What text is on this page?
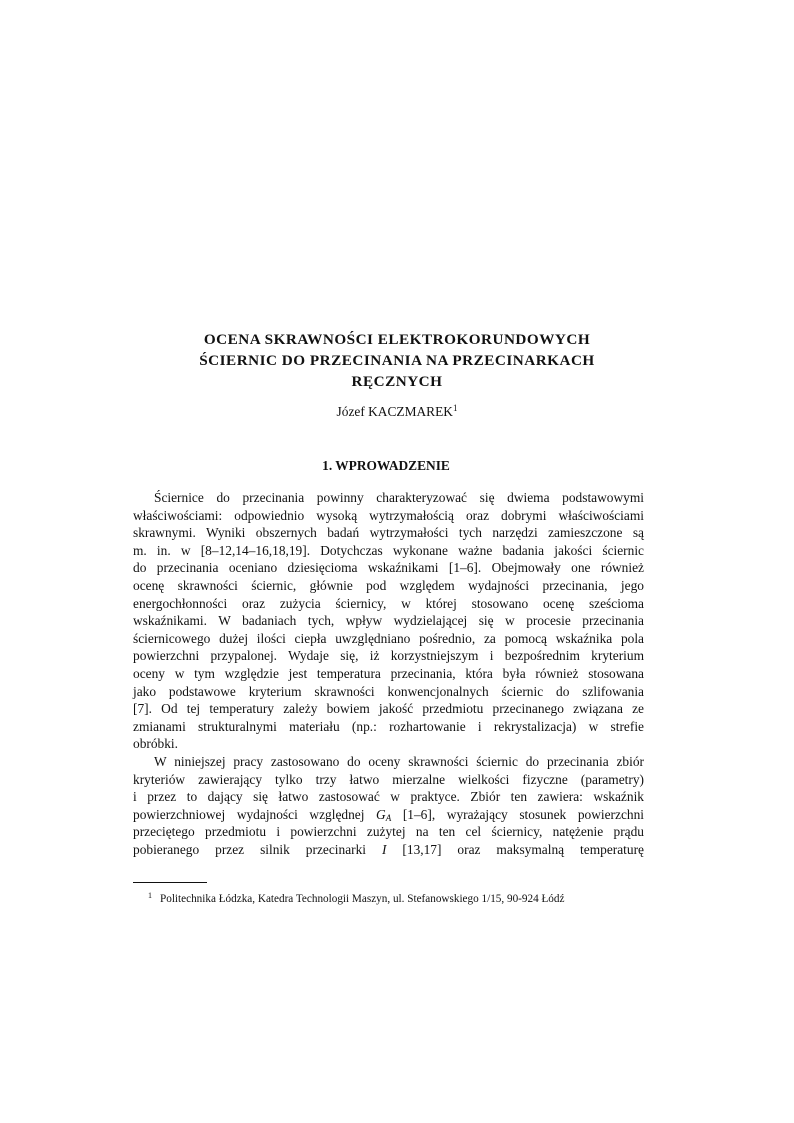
OCENA SKRAWNOŚCI ELEKTROKORUNDOWYCH
ŚCIERNIC DO PRZECINANIA NA PRZECINARKACH
RĘCZNYCH

Józef KACZMAREK$^1$

1. WPROWADZENIE
Ściernice do przecinania powinny charakteryzować się dwiema podstawowymi
właściwościami: odpowiednio wysoką wytrzymałością oraz dobrymi właściwościami
skrawnymi. Wyniki obszernych badań wytrzymałości tych narzędzi zamieszczone są
m. in. w [8–12,14–16,18,19]. Dotychczas wykonane ważne badania jakości ściernic
do przecinania oceniano dziesięcioma wskaźnikami [1–6]. Obejmowały one również
ocenę skrawności ściernic, głównie pod względem wydajności przecinania, jego
energochłonności oraz zużycia ściernicy, w której stosowano ocenę sześcioma
wskaźnikami. W badaniach tych, wpływ wydzielającej się w procesie przecinania
ściernicowego dużej ilości ciepła uwzględniano pośrednio, za pomocą wskaźnika pola
powierzchni przypalonej. Wydaje się, iż korzystniejszym i bezpośrednim kryterium
oceny w tym względzie jest temperatura przecinania, która była również stosowana
jako podstawowe kryterium skrawności konwencjonalnych ściernic do szlifowania
[7]. Od tej temperatury zależy bowiem jakość przedmiotu przecinanego związana ze
zmianami strukturalnymi materiału (np.: rozhartowanie i rekrystalizacja) w strefie
obróbki.
W niniejszej pracy zastosowano do oceny skrawności ściernic do przecinania zbiór
kryteriów zawierający tylko trzy łatwo mierzalne wielkości fizyczne (parametry)
i przez to dający się łatwo zastosować w praktyce. Zbiór ten zawiera: wskaźnik
powierzchniowej wydajności względnej $G_A$ [1–6], wyrażający stosunek powierzchni
przeciętego przedmiotu i powierzchni zużytej na ten cel ściernicy, natężenie prądu
pobieranego przez silnik przecinarki I [13,17] oraz maksymalną temperaturę

$^1$ Politechnika Łódzka, Katedra Technologii Maszyn, ul. Stefanowskiego 1/15, 90-924 Łódź
